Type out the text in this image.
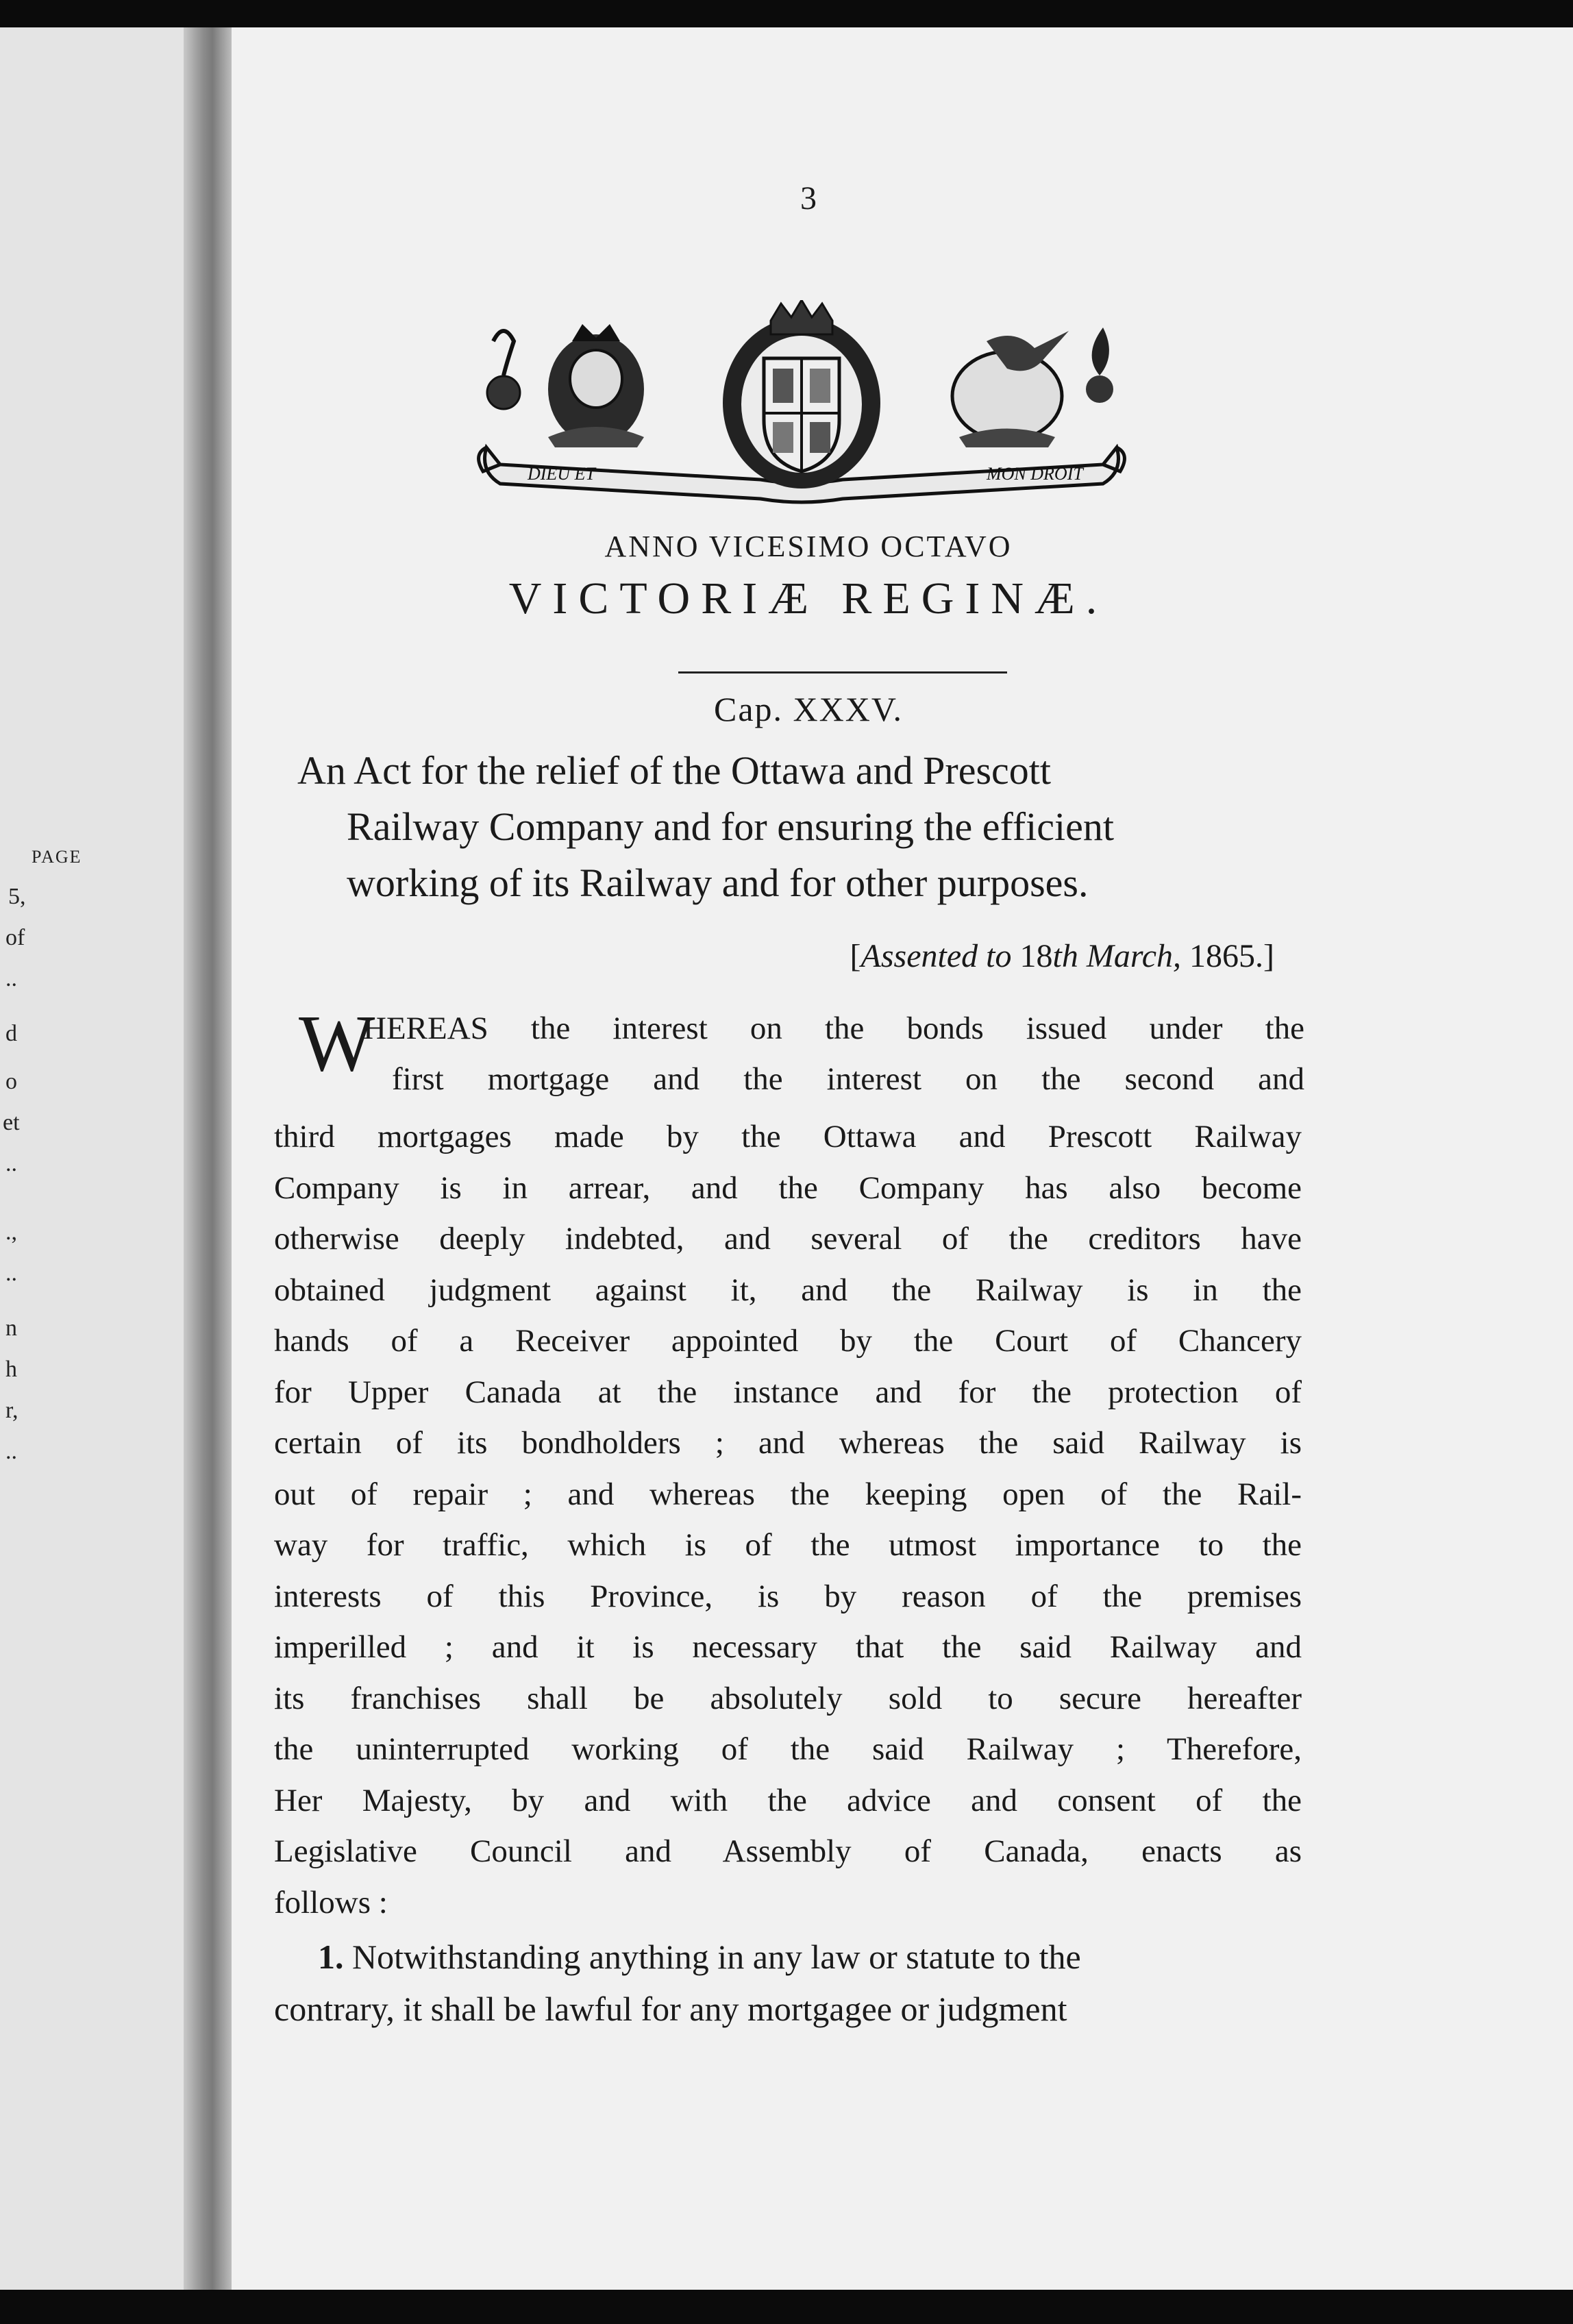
PAGE
5,
of
..
d
o
et
..
.,
..
n
h
r,
..
3
DIEU ET	MON DROIT
ANNO VICESIMO OCTAVO
VICTORIÆ REGINÆ.
Cap. XXXV.
An Act for the relief of the Ottawa and Prescott
Railway Company and for ensuring the efficient
working of its Railway and for other purposes.
[Assented to 18th March, 1865.]
W
HEREAS the interest on the bonds issued under the
first mortgage and the interest on the second and
third mortgages made by the Ottawa and Prescott Railway
Company is in arrear, and the Company has also become
otherwise deeply indebted, and several of the creditors have
obtained judgment against it, and the Railway is in the
hands of a Receiver appointed by the Court of Chancery
for Upper Canada at the instance and for the protection of
certain of its bondholders ; and whereas the said Railway is
out of repair ; and whereas the keeping open of the Rail-
way for traffic, which is of the utmost importance to the
interests of this Province, is by reason of the premises
imperilled ; and it is necessary that the said Railway and
its franchises shall be absolutely sold to secure hereafter
the uninterrupted working of the said Railway ; Therefore,
Her Majesty, by and with the advice and consent of the
Legislative Council and Assembly of Canada, enacts as
follows :
1. Notwithstanding anything in any law or statute to the
contrary, it shall be lawful for any mortgagee or judgment
